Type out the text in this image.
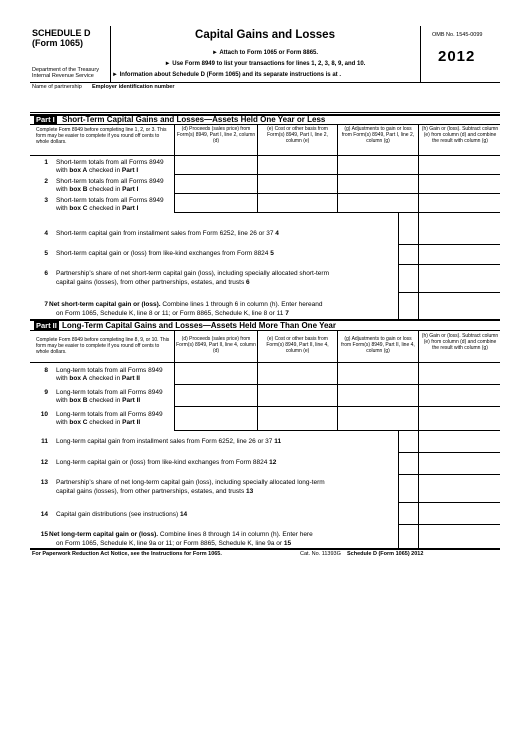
SCHEDULE D
(Form 1065)
Department of the Treasury
Internal Revenue Service
Capital Gains and Losses
► Attach to Form 1065 or Form 8865.
► Use Form 8949 to list your transactions for lines 1, 2, 3, 8, 9, and 10.
► Information about Schedule D (Form 1065) and its separate instructions is at .
OMB No. 1545-0099
2012
Name of partnership Employer identification number
Part I Short-Term Capital Gains and Losses—Assets Held One Year or Less
Complete Form 8949 before completing line 1, 2, or 3. This form may be easier to complete if you round off cents to whole dollars.
(d) Proceeds (sales price) from Form(s) 8949, Part I, line 2, column (d)
(e) Cost or other basis from Form(s) 8949, Part I, line 2, column (e)
(g) Adjustments to gain or loss from Form(s) 8949, Part I, line 2, column (g)
(h) Gain or (loss). Subtract column (e) from column (d) and combine the result with column (g)
1 Short-term totals from all Forms 8949
with box A checked in Part I
2 Short-term totals from all Forms 8949
with box B checked in Part I
3 Short-term totals from all Forms 8949
with box C checked in Part I
4 Short-term capital gain from installment sales from Form 6252, line 26 or 37 4
5 Short-term capital gain or (loss) from like-kind exchanges from Form 8824 5
6 Partnership’s share of net short-term capital gain (loss), including specially allocated short-term
capital gains (losses), from other partnerships, estates, and trusts 6
7 Net short-term capital gain or (loss). Combine lines 1 through 6 in column (h). Enter hereand
on Form 1065, Schedule K, line 8 or 11; or Form 8865, Schedule K, line 8 or 11 7
Part II Long-Term Capital Gains and Losses—Assets Held More Than One Year
Complete Form 8949 before completing line 8, 9, or 10. This form may be easier to complete if you round off cents to whole dollars.
(d) Proceeds (sales price) from Form(s) 8949, Part II, line 4, column (d)
(e) Cost or other basis from Form(s) 8949, Part II, line 4, column (e)
(g) Adjustments to gain or loss from Form(s) 8949, Part II, line 4, column (g)
(h) Gain or (loss). Subtract column (e) from column (d) and combine the result with column (g)
8 Long-term totals from all Forms 8949
with box A checked in Part II
9 Long-term totals from all Forms 8949
with box B checked in Part II
10 Long-term totals from all Forms 8949
with box C checked in Part II
11 Long-term capital gain from installment sales from Form 6252, line 26 or 37 11
12 Long-term capital gain or (loss) from like-kind exchanges from Form 8824 12
13 Partnership’s share of net long-term capital gain (loss), including specially allocated long-term
capital gains (losses), from other partnerships, estates, and trusts 13
14 Capital gain distributions (see instructions) 14
15 Net long-term capital gain or (loss). Combine lines 8 through 14 in column (h). Enter here
on Form 1065, Schedule K, line 9a or 11; or Form 8865, Schedule K, line 9a or 15
For Paperwork Reduction Act Notice, see the Instructions for Form 1065.	Cat. No. 11393G Schedule D (Form 1065) 2012
